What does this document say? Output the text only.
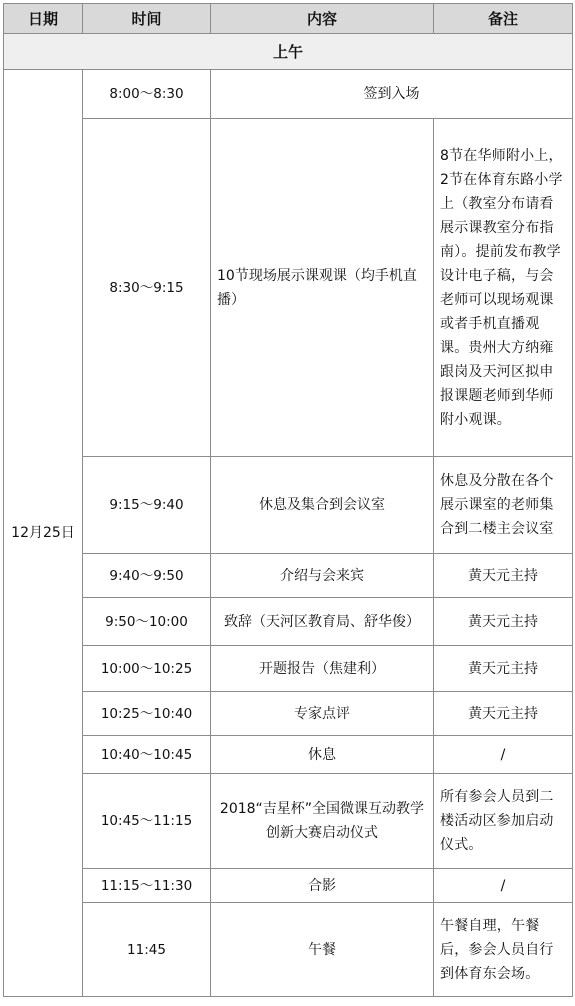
日期	时间	内容	备注
上午			
12月25日	8:00～8:30	签到入场	
	8:30～9:15	10节现场展示课观课（均手机直播）	8节在华师附小上，2节在体育东路小学上（教室分布请看展示课教室分布指南）。提前发布教学设计电子稿，与会老师可以现场观课或者手机直播观课。贵州大方纳雍跟岗及天河区拟申报课题老师到华师附小观课。
	9:15～9:40	休息及集合到会议室	休息及分散在各个展示课室的老师集合到二楼主会议室
	9:40～9:50	介绍与会来宾	黄天元主持
	9:50～10:00	致辞（天河区教育局、舒华俊）	黄天元主持
	10:00～10:25	开题报告（焦建利）	黄天元主持
	10:25～10:40	专家点评	黄天元主持
	10:40～10:45	休息	/
	10:45～11:15	2018“吉星杯”全国微课互动教学创新大赛启动仪式	所有参会人员到二楼活动区参加启动仪式。
	11:15～11:30	合影	/
	11:45	午餐	午餐自理，午餐后，参会人员自行到体育东会场。
